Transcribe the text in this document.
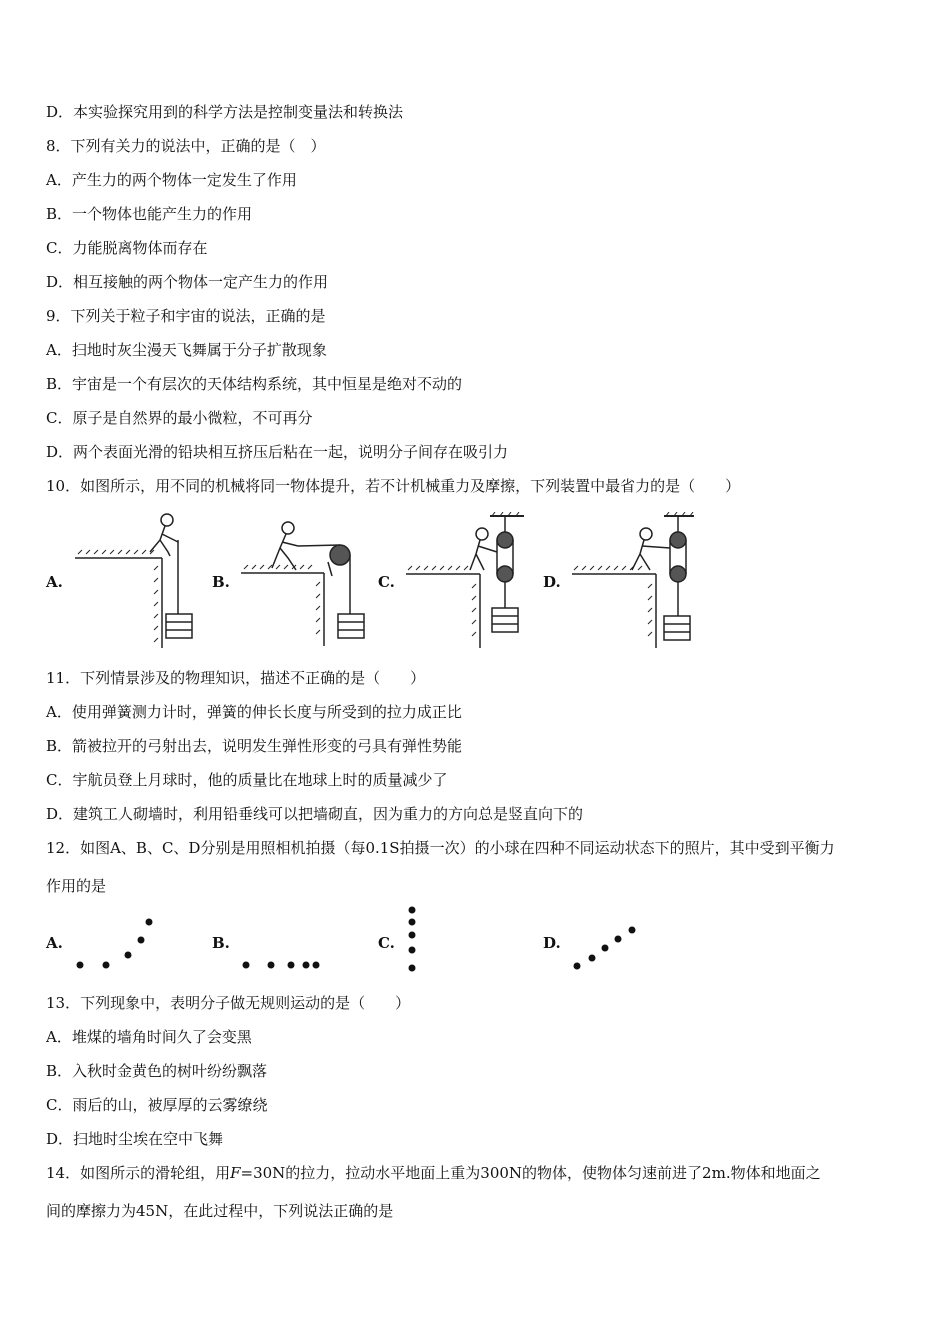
D．本实验探究用到的科学方法是控制变量法和转换法
8．下列有关力的说法中，正确的是（　）
A．产生力的两个物体一定发生了作用
B．一个物体也能产生力的作用
C．力能脱离物体而存在
D．相互接触的两个物体一定产生力的作用
9．下列关于粒子和宇宙的说法，正确的是
A．扫地时灰尘漫天飞舞属于分子扩散现象
B．宇宙是一个有层次的天体结构系统，其中恒星是绝对不动的
C．原子是自然界的最小微粒，不可再分
D．两个表面光滑的铅块相互挤压后粘在一起，说明分子间存在吸引力
10．如图所示，用不同的机械将同一物体提升，若不计机械重力及摩擦，下列装置中最省力的是（　　）
A.	B.	C.	D.
11．下列情景涉及的物理知识，描述不正确的是（　　）
A．使用弹簧测力计时，弹簧的伸长长度与所受到的拉力成正比
B．箭被拉开的弓射出去，说明发生弹性形变的弓具有弹性势能
C．宇航员登上月球时，他的质量比在地球上时的质量减少了
D．建筑工人砌墙时，利用铅垂线可以把墙砌直，因为重力的方向总是竖直向下的
12．如图A、B、C、D分别是用照相机拍摄（每0.1S拍摄一次）的小球在四种不同运动状态下的照片，其中受到平衡力
作用的是
A.	B.	C.	D.
13．下列现象中，表明分子做无规则运动的是（　　）
A．堆煤的墙角时间久了会变黑
B．入秋时金黄色的树叶纷纷飘落
C．雨后的山，被厚厚的云雾缭绕
D．扫地时尘埃在空中飞舞
14．如图所示的滑轮组，用F=30N的拉力，拉动水平地面上重为300N的物体，使物体匀速前进了2m.物体和地面之
间的摩擦力为45N，在此过程中，下列说法正确的是
